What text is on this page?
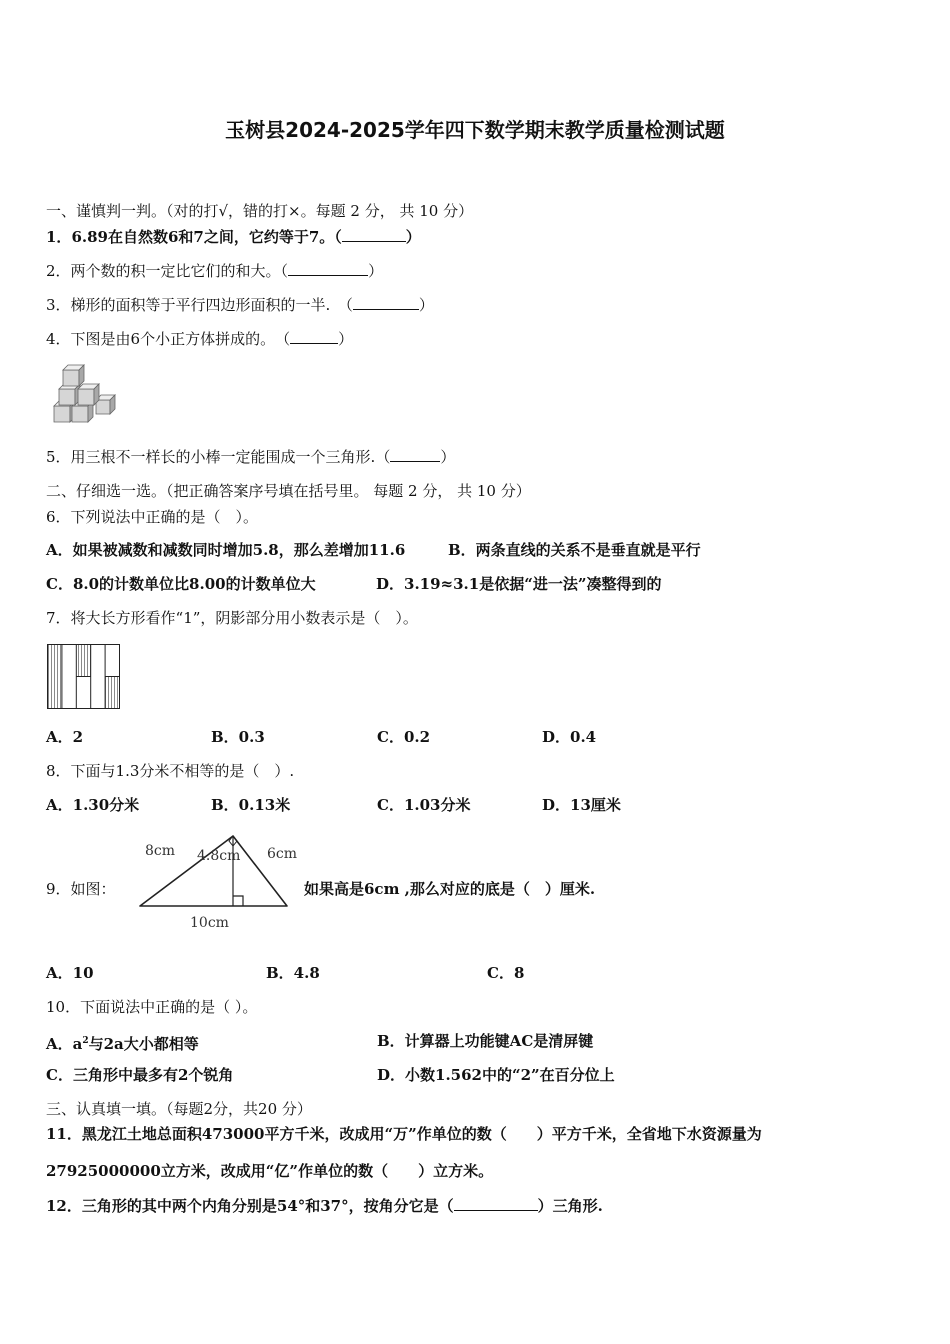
玉树县2024-2025学年四下数学期末教学质量检测试题
一、谨慎判一判。（对的打√，错的打×。每题 2 分， 共 10 分）
1．6.89在自然数6和7之间，它约等于7。（	）
2．两个数的积一定比它们的和大。（	）
3．梯形的面积等于平行四边形面积的一半.　（	）
4．下图是由6个小正方体拼成的。　（	）
5．用三根不一样长的小棒一定能围成一个三角形.（	）
二、仔细选一选。（把正确答案序号填在括号里。 每题 2 分， 共 10 分）
6．下列说法中正确的是（　）。
A．如果被减数和减数同时增加5.8，那么差增加11.6	B．两条直线的关系不是垂直就是平行
C．8.0的计数单位比8.00的计数单位大	D．3.19≈3.1是依据“进一法”凑整得到的
7．将大长方形看作“1”，阴影部分用小数表示是（　）。
A．2	B．0.3	C．0.2	D．0.4
8．下面与1.3分米不相等的是（　）.
A．1.30分米	B．0.13米	C．1.03分米	D．13厘米
9．如图：
8cm 4.8cm 6cm
10cm
如果高是6cm ,那么对应的底是（　）厘米.
A．10	B．4.8	C．8
10．下面说法中正确的是（ ）。
A．$a^2$与2a大小都相等	B．计算器上功能键AC是清屏键
C．三角形中最多有2个锐角	D．小数1.562中的“2”在百分位上
三、认真填一填。（每题2分，共20 分）
11．黑龙江土地总面积473000平方千米，改成用“万”作单位的数（　　）平方千米，全省地下水资源量为
27925000000立方米，改成用“亿”作单位的数（　　）立方米。
12．三角形的其中两个内角分别是54°和37°，按角分它是（	）三角形.
